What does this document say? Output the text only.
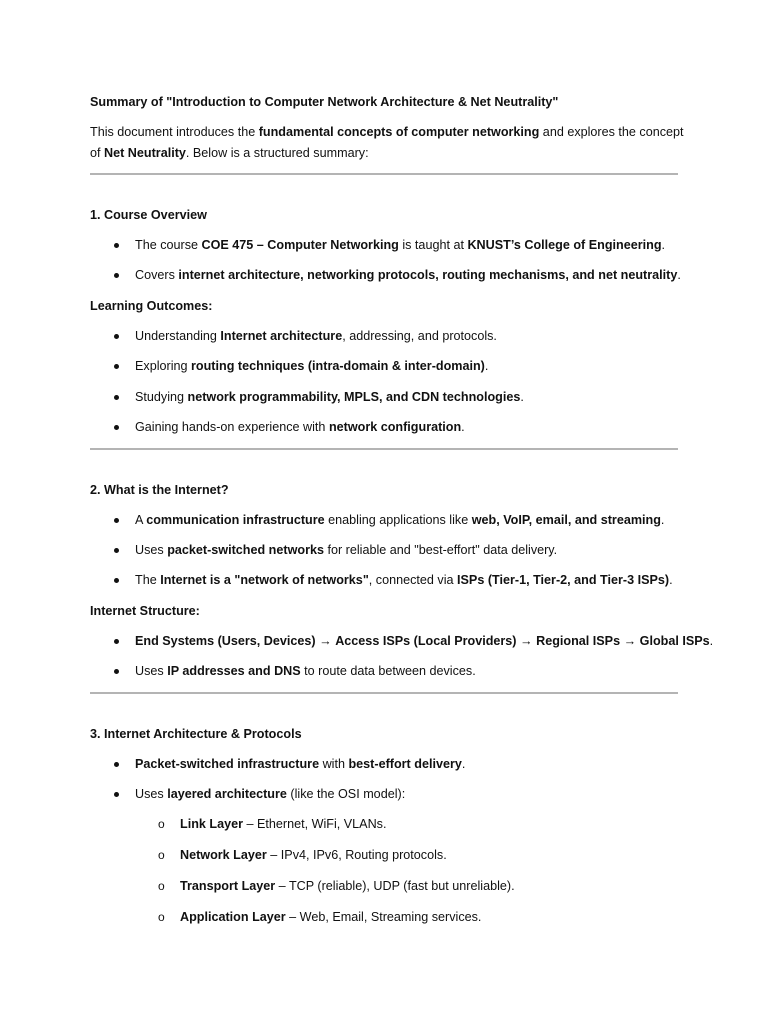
Summary of "Introduction to Computer Network Architecture & Net Neutrality"
This document introduces the fundamental concepts of computer networking and explores the concept
of Net Neutrality. Below is a structured summary:
1. Course Overview
The course COE 475 – Computer Networking is taught at KNUST’s College of Engineering.
Covers internet architecture, networking protocols, routing mechanisms, and net neutrality.
Learning Outcomes:
Understanding Internet architecture, addressing, and protocols.
Exploring routing techniques (intra-domain & inter-domain).
Studying network programmability, MPLS, and CDN technologies.
Gaining hands-on experience with network configuration.
2. What is the Internet?
A communication infrastructure enabling applications like web, VoIP, email, and streaming.
Uses packet-switched networks for reliable and "best-effort" data delivery.
The Internet is a "network of networks", connected via ISPs (Tier-1, Tier-2, and Tier-3 ISPs).
Internet Structure:
End Systems (Users, Devices) → Access ISPs (Local Providers) → Regional ISPs → Global ISPs.
Uses IP addresses and DNS to route data between devices.
3. Internet Architecture & Protocols
Packet-switched infrastructure with best-effort delivery.
Uses layered architecture (like the OSI model):
o Link Layer – Ethernet, WiFi, VLANs.
o Network Layer – IPv4, IPv6, Routing protocols.
o Transport Layer – TCP (reliable), UDP (fast but unreliable).
o Application Layer – Web, Email, Streaming services.
